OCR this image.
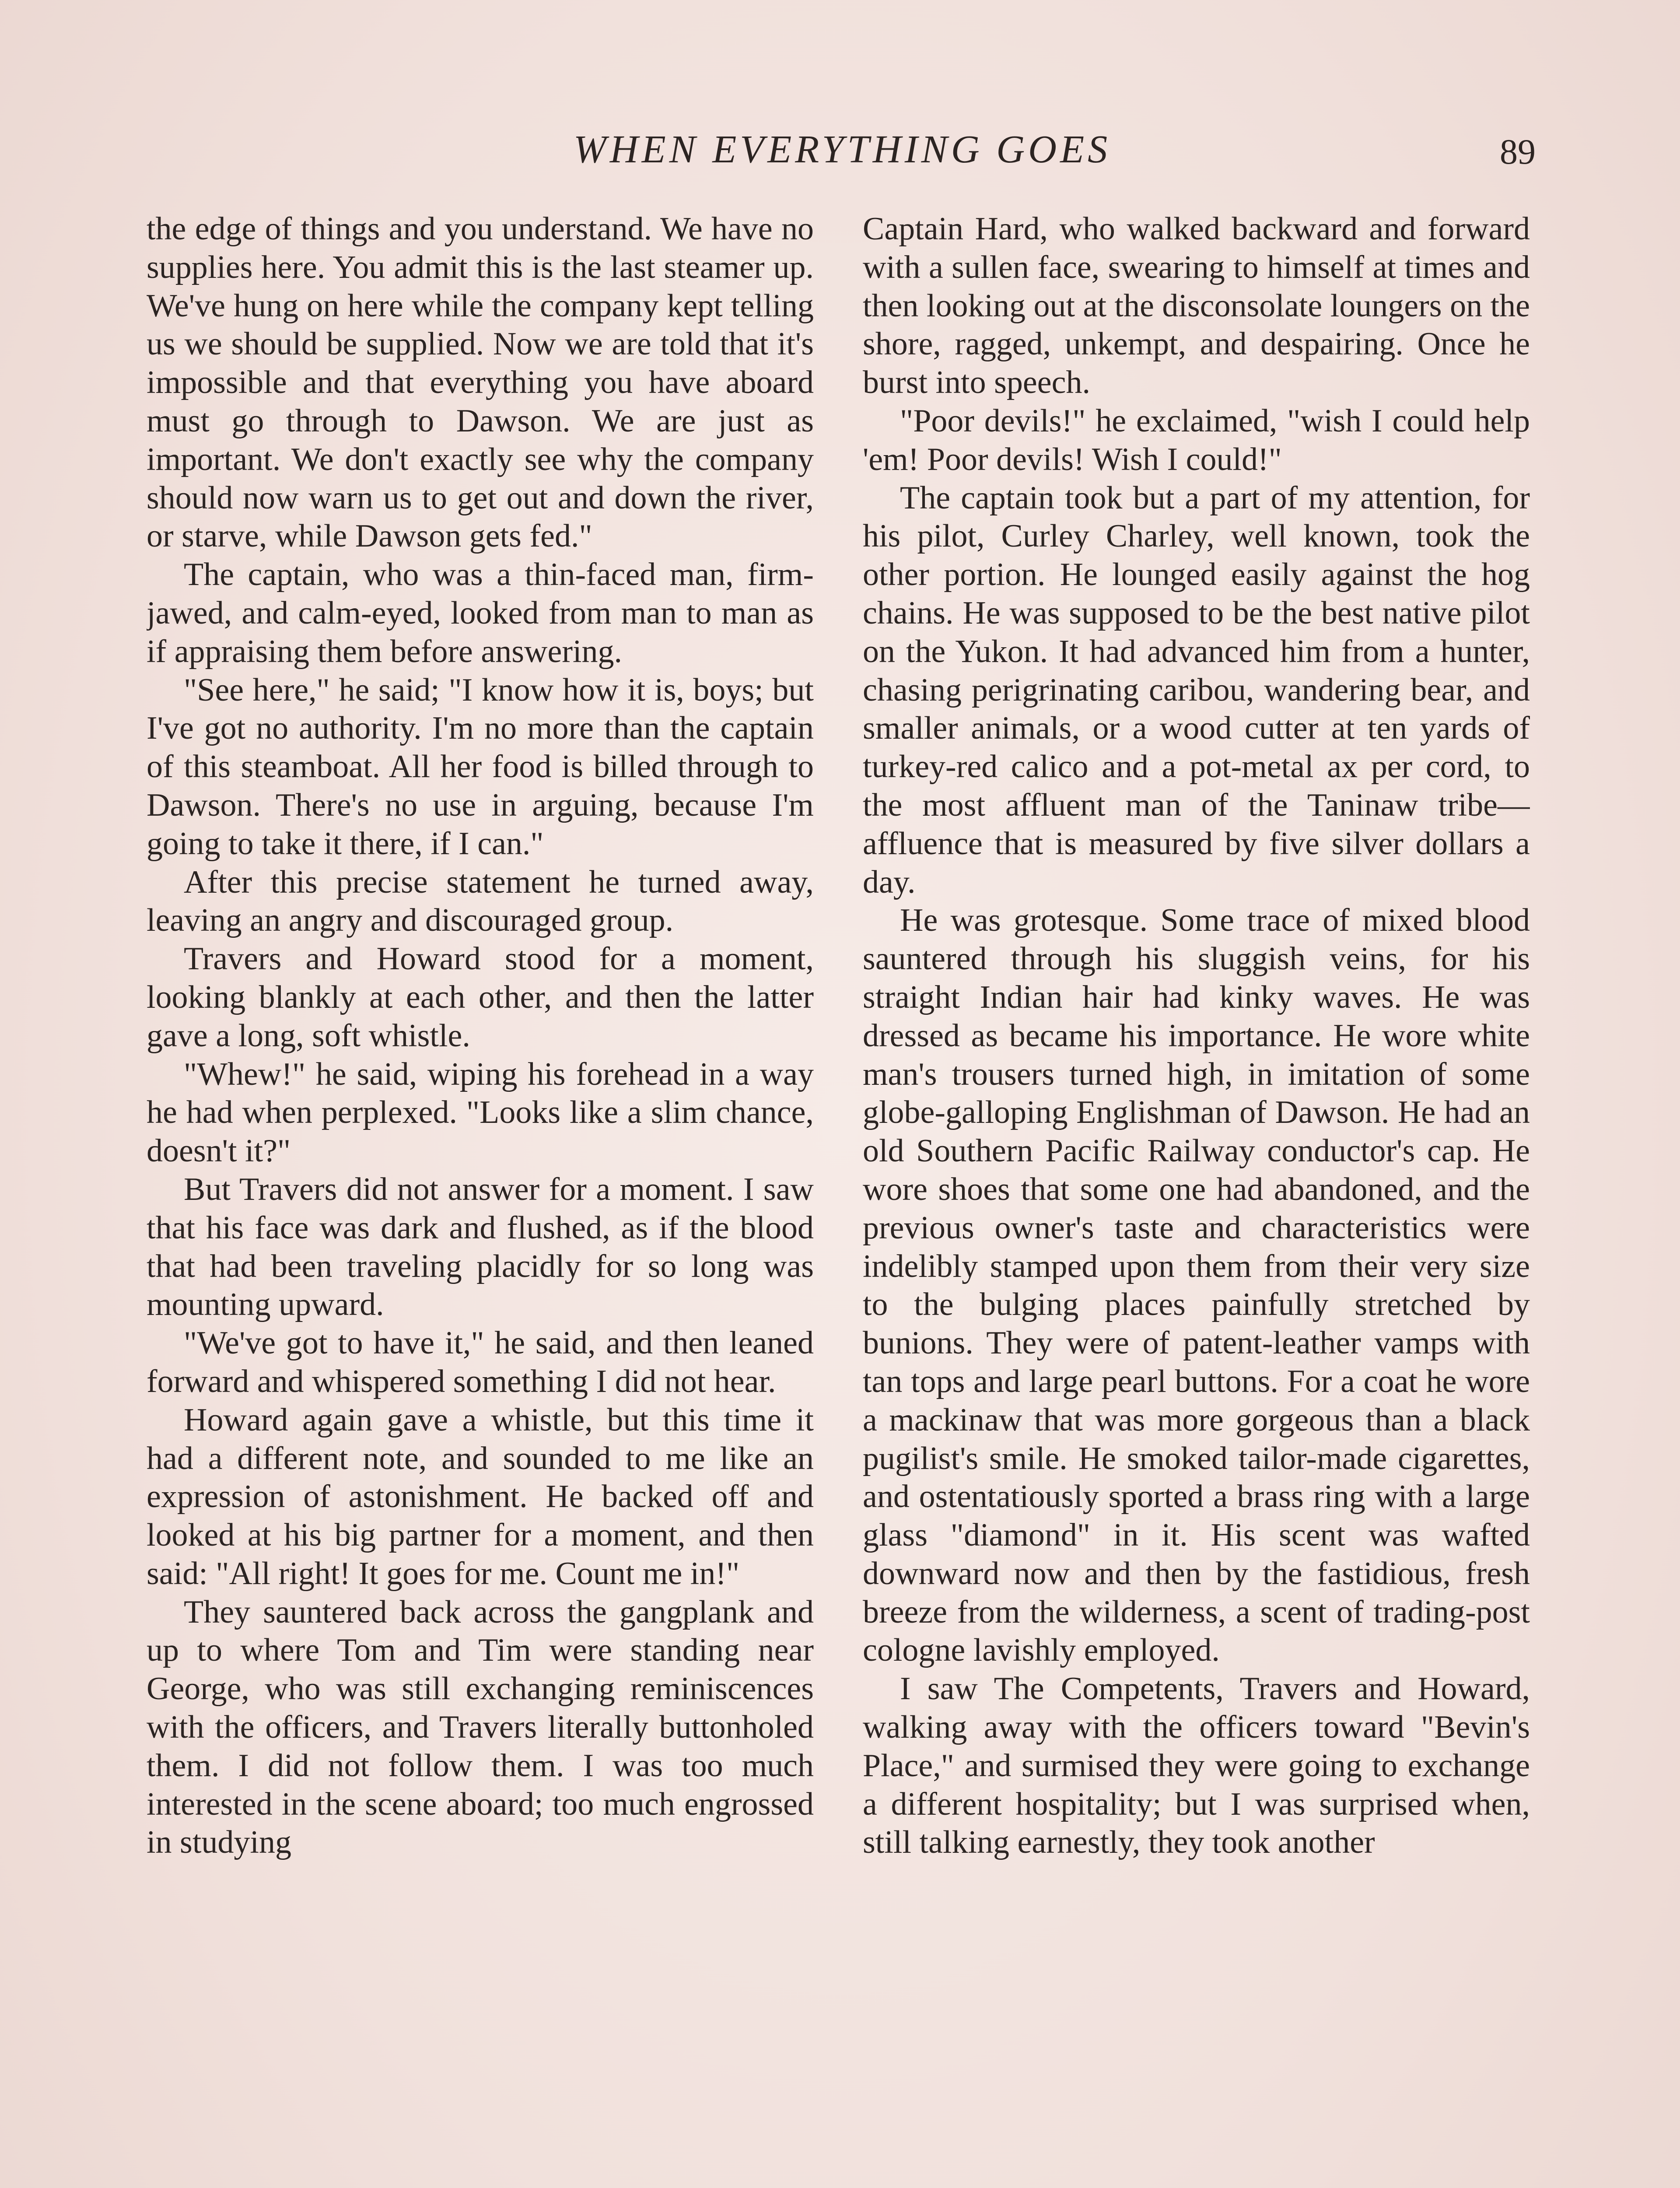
WHEN EVERYTHING GOES	89

the edge of things and you understand. We have no supplies here. You admit this is the last steamer up. We've hung on here while the company kept telling us we should be supplied. Now we are told that it's impossible and that everything you have aboard must go through to Dawson. We are just as important. We don't exactly see why the company should now warn us to get out and down the river, or starve, while Dawson gets fed."

The captain, who was a thin-faced man, firm-jawed, and calm-eyed, looked from man to man as if appraising them before answering.

"See here," he said; "I know how it is, boys; but I've got no authority. I'm no more than the captain of this steamboat. All her food is billed through to Dawson. There's no use in arguing, because I'm going to take it there, if I can."

After this precise statement he turned away, leaving an angry and discouraged group.

Travers and Howard stood for a moment, looking blankly at each other, and then the latter gave a long, soft whistle.

"Whew!" he said, wiping his forehead in a way he had when perplexed. "Looks like a slim chance, doesn't it?"

But Travers did not answer for a moment. I saw that his face was dark and flushed, as if the blood that had been traveling placidly for so long was mounting upward.

"We've got to have it," he said, and then leaned forward and whispered something I did not hear.

Howard again gave a whistle, but this time it had a different note, and sounded to me like an expression of astonishment. He backed off and looked at his big partner for a moment, and then said: "All right! It goes for me. Count me in!"

They sauntered back across the gangplank and up to where Tom and Tim were standing near George, who was still exchanging reminiscences with the officers, and Travers literally buttonholed them. I did not follow them. I was too much interested in the scene aboard; too much engrossed in studying

Captain Hard, who walked backward and forward with a sullen face, swearing to himself at times and then looking out at the disconsolate loungers on the shore, ragged, unkempt, and despairing. Once he burst into speech.

"Poor devils!" he exclaimed, "wish I could help 'em! Poor devils! Wish I could!"

The captain took but a part of my attention, for his pilot, Curley Charley, well known, took the other portion. He lounged easily against the hog chains. He was supposed to be the best native pilot on the Yukon. It had advanced him from a hunter, chasing perigrinating caribou, wandering bear, and smaller animals, or a wood cutter at ten yards of turkey-red calico and a pot-metal ax per cord, to the most affluent man of the Taninaw tribe—affluence that is measured by five silver dollars a day.

He was grotesque. Some trace of mixed blood sauntered through his sluggish veins, for his straight Indian hair had kinky waves. He was dressed as became his importance. He wore white man's trousers turned high, in imitation of some globe-galloping Englishman of Dawson. He had an old Southern Pacific Railway conductor's cap. He wore shoes that some one had abandoned, and the previous owner's taste and characteristics were indelibly stamped upon them from their very size to the bulging places painfully stretched by bunions. They were of patent-leather vamps with tan tops and large pearl buttons. For a coat he wore a mackinaw that was more gorgeous than a black pugilist's smile. He smoked tailor-made cigarettes, and ostentatiously sported a brass ring with a large glass "diamond" in it. His scent was wafted downward now and then by the fastidious, fresh breeze from the wilderness, a scent of trading-post cologne lavishly employed.

I saw The Competents, Travers and Howard, walking away with the officers toward "Bevin's Place," and surmised they were going to exchange a different hospitality; but I was surprised when, still talking earnestly, they took another
